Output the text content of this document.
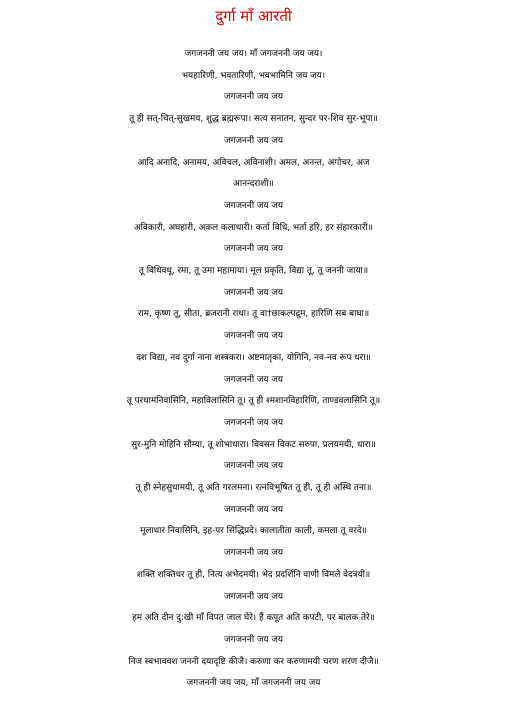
दुर्गा माँ आरती
जगजननी जय जय। माँ जगजननी जय जय।
भयहारिणी, भवतारिणी, भवभामिनि जय जय।
जगजननी जय जय
तू ही सत्-चित्-सुखमय, शुद्ध ब्रह्मरूपा। सत्य सनातन, सुन्दर पर-शिव सुर-भूपा॥
जगजननी जय जय
आदि अनादि, अनामय, अविचल, अविनाशी। अमल, अनन्त, अगोचर, अज
आनन्दराशी॥
जगजननी जय जय
अविकारी, अघहारी, अकल कलाधारी। कर्ता विधि, भर्ता हरि, हर संहारकारी॥
जगजननी जय जय
तू विधिवधू, रमा, तू उमा महामाया। मूल प्रकृति, विद्या तू, तू जननी जाया॥
जगजननी जय जय
राम, कृष्ण तू, सीता, ब्रजरानी राधा। तू वा†छाकल्पद्रुम, हारिणि सब बाघा॥
जगजननी जय जय
दश विद्या, नव दुर्गा नाना शस्त्रकरा। अष्टमातृका, योगिनि, नव-नव रूप धरा॥
जगजननी जय जय
तू परधामनिवासिनि, महाविलासिनि तू। तू ही श्मशानविहारिणि, ताण्डवलासिनि तू॥
जगजननी जय जय
सुर-मुनि मोहिनि सौम्या, तू शोभाधारा। विवसन विकट सरुपा, प्रलयमयी, धारा॥
जगजननी जय जय
तू ही स्नेहसुधामयी, तू अति गरलमना। रत्नविभूषित तू ही, तू ही अस्थि तना॥
जगजननी जय जय
मूलाधार निवासिनि, इह-पर सिद्धिप्रदे। कालातीता काली, कमला तू वरदे॥
जगजननी जय जय
शक्ति शक्तिधर तू ही, नित्य अभेदमयी। भेद प्रदर्शिनि वाणी विमले वेदत्रयी॥
जगजननी जय जय
हम अति दीन दु:खी माँ विपत जाल घेरे। हैं कपूत अति कपटी, पर बालक तेरे॥
जगजननी जय जय
निज स्वभाववश जननी दयादृष्टि कीजै। करुणा कर करुणामयी चरण शरण दीजै॥
जगजननी जय जय, माँ जगजननी जय जय
